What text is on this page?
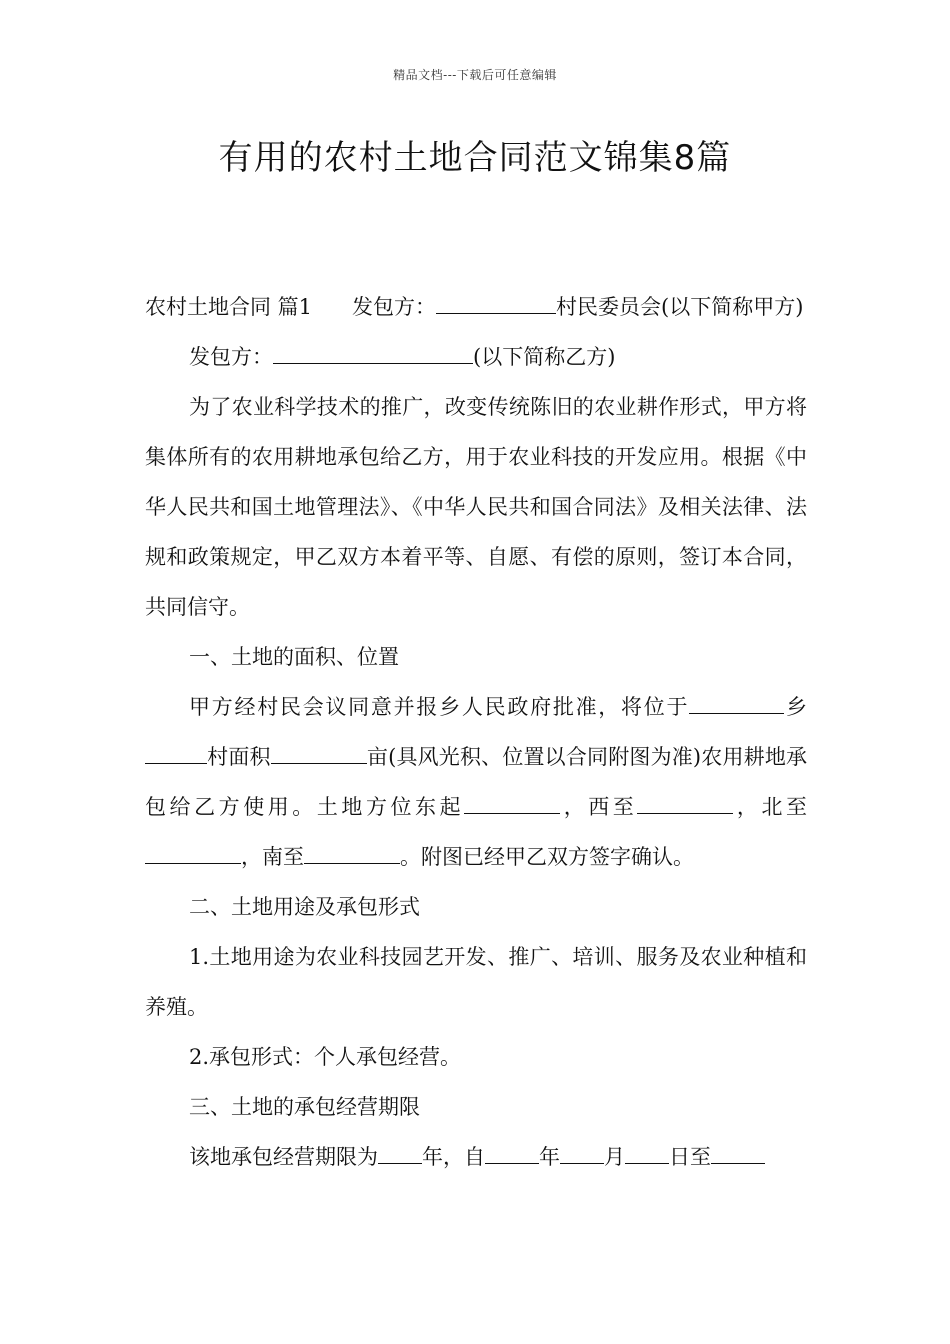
精品文档---下载后可任意编辑
有用的农村土地合同范文锦集8篇

农村土地合同 篇1 发包方：	村民委员会(以下简称甲方)

发包方：	(以下简称乙方)

为了农业科学技术的推广，改变传统陈旧的农业耕作形式，甲方将集体所有的农用耕地承包给乙方，用于农业科技的开发应用。根据《中华人民共和国土地管理法》、《中华人民共和国合同法》及相关法律、法规和政策规定，甲乙双方本着平等、自愿、有偿的原则，签订本合同，共同信守。

一、土地的面积、位置

甲方经村民会议同意并报乡人民政府批准，将位于	乡村面积	亩(具风光积、位置以合同附图为准)农用耕地承包给乙方使用。土地方位东起	，西至	，北至，南至	。附图已经甲乙双方签字确认。

二、土地用途及承包形式

1.土地用途为农业科技园艺开发、推广、培训、服务及农业种植和养殖。

2.承包形式：个人承包经营。

三、土地的承包经营期限

该地承包经营期限为 年，自	年 月 日至
